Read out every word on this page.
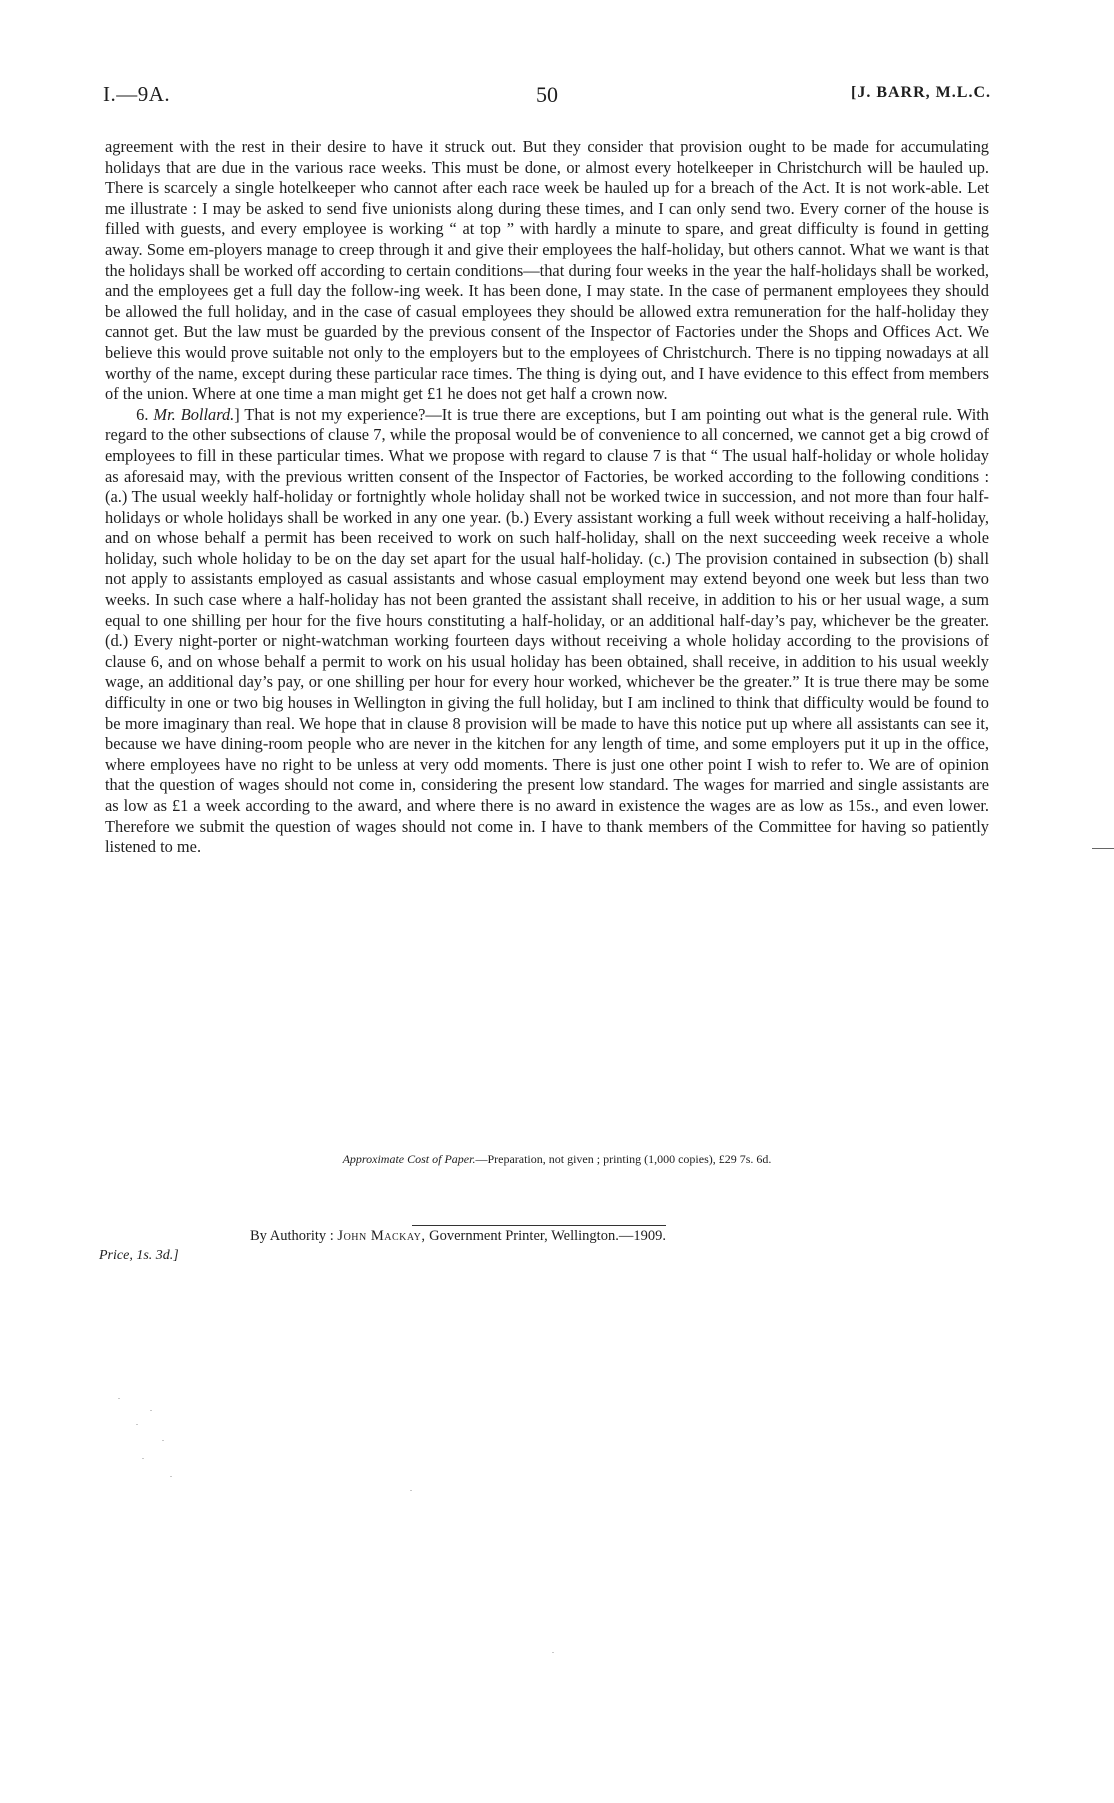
I.—9A.	50	[J. BARR, M.L.C.

agreement with the rest in their desire to have it struck out. But they consider that provision ought to be made for accumulating holidays that are due in the various race weeks. This must be done, or almost every hotelkeeper in Christchurch will be hauled up. There is scarcely a single hotelkeeper who cannot after each race week be hauled up for a breach of the Act. It is not work-able. Let me illustrate : I may be asked to send five unionists along during these times, and I can only send two. Every corner of the house is filled with guests, and every employee is working “ at top ” with hardly a minute to spare, and great difficulty is found in getting away. Some em-ployers manage to creep through it and give their employees the half-holiday, but others cannot. What we want is that the holidays shall be worked off according to certain conditions—that during four weeks in the year the half-holidays shall be worked, and the employees get a full day the follow-ing week. It has been done, I may state. In the case of permanent employees they should be allowed the full holiday, and in the case of casual employees they should be allowed extra remuneration for the half-holiday they cannot get. But the law must be guarded by the previous consent of the Inspector of Factories under the Shops and Offices Act. We believe this would prove suitable not only to the employers but to the employees of Christchurch. There is no tipping nowadays at all worthy of the name, except during these particular race times. The thing is dying out, and I have evidence to this effect from members of the union. Where at one time a man might get £1 he does not get half a crown now.

6. Mr. Bollard.] That is not my experience?—It is true there are exceptions, but I am pointing out what is the general rule. With regard to the other subsections of clause 7, while the proposal would be of convenience to all concerned, we cannot get a big crowd of employees to fill in these particular times. What we propose with regard to clause 7 is that “ The usual half-holiday or whole holiday as aforesaid may, with the previous written consent of the Inspector of Factories, be worked according to the following conditions : (a.) The usual weekly half-holiday or fortnightly whole holiday shall not be worked twice in succession, and not more than four half-holidays or whole holidays shall be worked in any one year. (b.) Every assistant working a full week without receiving a half-holiday, and on whose behalf a permit has been received to work on such half-holiday, shall on the next succeeding week receive a whole holiday, such whole holiday to be on the day set apart for the usual half-holiday. (c.) The provision contained in subsection (b) shall not apply to assistants employed as casual assistants and whose casual employment may extend beyond one week but less than two weeks. In such case where a half-holiday has not been granted the assistant shall receive, in addition to his or her usual wage, a sum equal to one shilling per hour for the five hours constituting a half-holiday, or an additional half-day’s pay, whichever be the greater. (d.) Every night-porter or night-watchman working fourteen days without receiving a whole holiday according to the provisions of clause 6, and on whose behalf a permit to work on his usual holiday has been obtained, shall receive, in addition to his usual weekly wage, an additional day’s pay, or one shilling per hour for every hour worked, whichever be the greater.” It is true there may be some difficulty in one or two big houses in Wellington in giving the full holiday, but I am inclined to think that difficulty would be found to be more imaginary than real. We hope that in clause 8 provision will be made to have this notice put up where all assistants can see it, because we have dining-room people who are never in the kitchen for any length of time, and some employers put it up in the office, where employees have no right to be unless at very odd moments. There is just one other point I wish to refer to. We are of opinion that the question of wages should not come in, considering the present low standard. The wages for married and single assistants are as low as £1 a week according to the award, and where there is no award in existence the wages are as low as 15s., and even lower. Therefore we submit the question of wages should not come in. I have to thank members of the Committee for having so patiently listened to me.

Approximate Cost of Paper.—Preparation, not given ; printing (1,000 copies), £29 7s. 6d.
By Authority : John Mackay, Government Printer, Wellington.—1909.
Price, 1s. 3d.]
